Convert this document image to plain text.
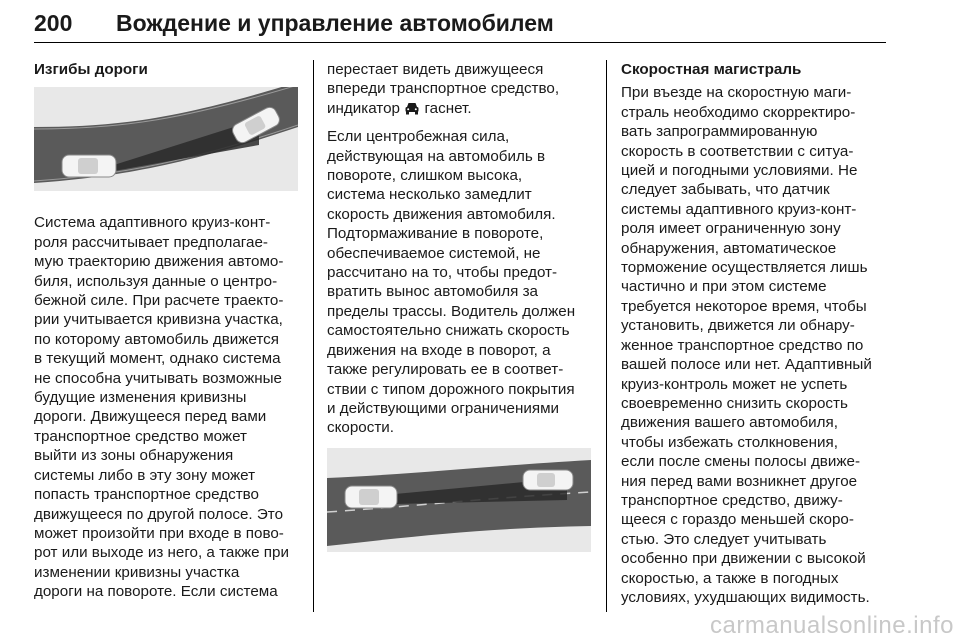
200 Вождение и управление автомобилем
Изгибы дороги

Система адаптивного круиз-конт-
роля рассчитывает предполагае-
мую траекторию движения автомо-
биля, используя данные о центро-
бежной силе. При расчете траекто-
рии учитывается кривизна участка,
по которому автомобиль движется
в текущий момент, однако система
не способна учитывать возможные
будущие изменения кривизны
дороги. Движущееся перед вами
транспортное средство может
выйти из зоны обнаружения
системы либо в эту зону может
попасть транспортное средство
движущееся по другой полосе. Это
может произойти при входе в пово-
рот или выходе из него, а также при
изменении кривизны участка
дороги на повороте. Если система

перестает видеть движущееся
впереди транспортное средство,
индикатор гаснет.

Если центробежная сила,
действующая на автомобиль в
повороте, слишком высока,
система несколько замедлит
скорость движения автомобиля.
Подтормаживание в повороте,
обеспечиваемое системой, не
рассчитано на то, чтобы предот-
вратить вынос автомобиля за
пределы трассы. Водитель должен
самостоятельно снижать скорость
движения на входе в поворот, а
также регулировать ее в соответ-
ствии с типом дорожного покрытия
и действующими ограничениями
скорости.

Скоростная магистраль

При въезде на скоростную маги-
страль необходимо скорректиро-
вать запрограммированную
скорость в соответствии с ситуа-
цией и погодными условиями. Не
следует забывать, что датчик
системы адаптивного круиз-конт-
роля имеет ограниченную зону
обнаружения, автоматическое
торможение осуществляется лишь
частично и при этом системе
требуется некоторое время, чтобы
установить, движется ли обнару-
женное транспортное средство по
вашей полосе или нет. Адаптивный
круиз-контроль может не успеть
своевременно снизить скорость
движения вашего автомобиля,
чтобы избежать столкновения,
если после смены полосы движе-
ния перед вами возникнет другое
транспортное средство, движу-
щееся с гораздо меньшей скоро-
стью. Это следует учитывать
особенно при движении с высокой
скоростью, а также в погодных
условиях, ухудшающих видимость.

carmanualsonline.info
